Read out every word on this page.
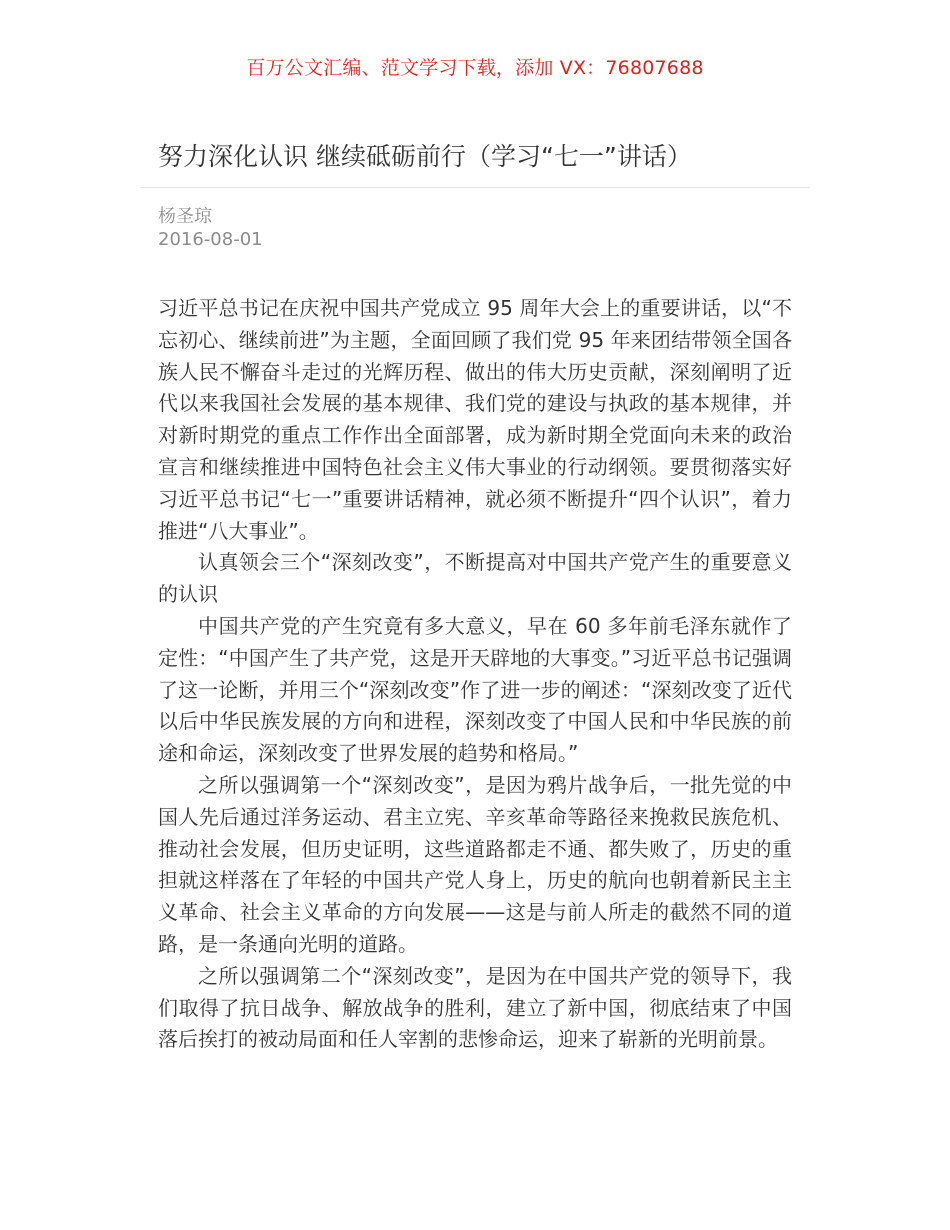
百万公文汇编、范文学习下载，添加 VX：76807688
努力深化认识 继续砥砺前行（学习“七一”讲话）
杨圣琼
2016-08-01

习近平总书记在庆祝中国共产党成立 95 周年大会上的重要讲话，以“不忘初心、继续前进”为主题，全面回顾了我们党 95 年来团结带领全国各族人民不懈奋斗走过的光辉历程、做出的伟大历史贡献，深刻阐明了近代以来我国社会发展的基本规律、我们党的建设与执政的基本规律，并对新时期党的重点工作作出全面部署，成为新时期全党面向未来的政治宣言和继续推进中国特色社会主义伟大事业的行动纲领。要贯彻落实好习近平总书记“七一”重要讲话精神，就必须不断提升“四个认识”，着力推进“八大事业”。

认真领会三个“深刻改变”，不断提高对中国共产党产生的重要意义的认识

中国共产党的产生究竟有多大意义，早在 60 多年前毛泽东就作了定性：“中国产生了共产党，这是开天辟地的大事变。”习近平总书记强调了这一论断，并用三个“深刻改变”作了进一步的阐述：“深刻改变了近代以后中华民族发展的方向和进程，深刻改变了中国人民和中华民族的前途和命运，深刻改变了世界发展的趋势和格局。”

之所以强调第一个“深刻改变”，是因为鸦片战争后，一批先觉的中国人先后通过洋务运动、君主立宪、辛亥革命等路径来挽救民族危机、推动社会发展，但历史证明，这些道路都走不通、都失败了，历史的重担就这样落在了年轻的中国共产党人身上，历史的航向也朝着新民主主义革命、社会主义革命的方向发展——这是与前人所走的截然不同的道路，是一条通向光明的道路。

之所以强调第二个“深刻改变”，是因为在中国共产党的领导下，我们取得了抗日战争、解放战争的胜利，建立了新中国，彻底结束了中国落后挨打的被动局面和任人宰割的悲惨命运，迎来了崭新的光明前景。
